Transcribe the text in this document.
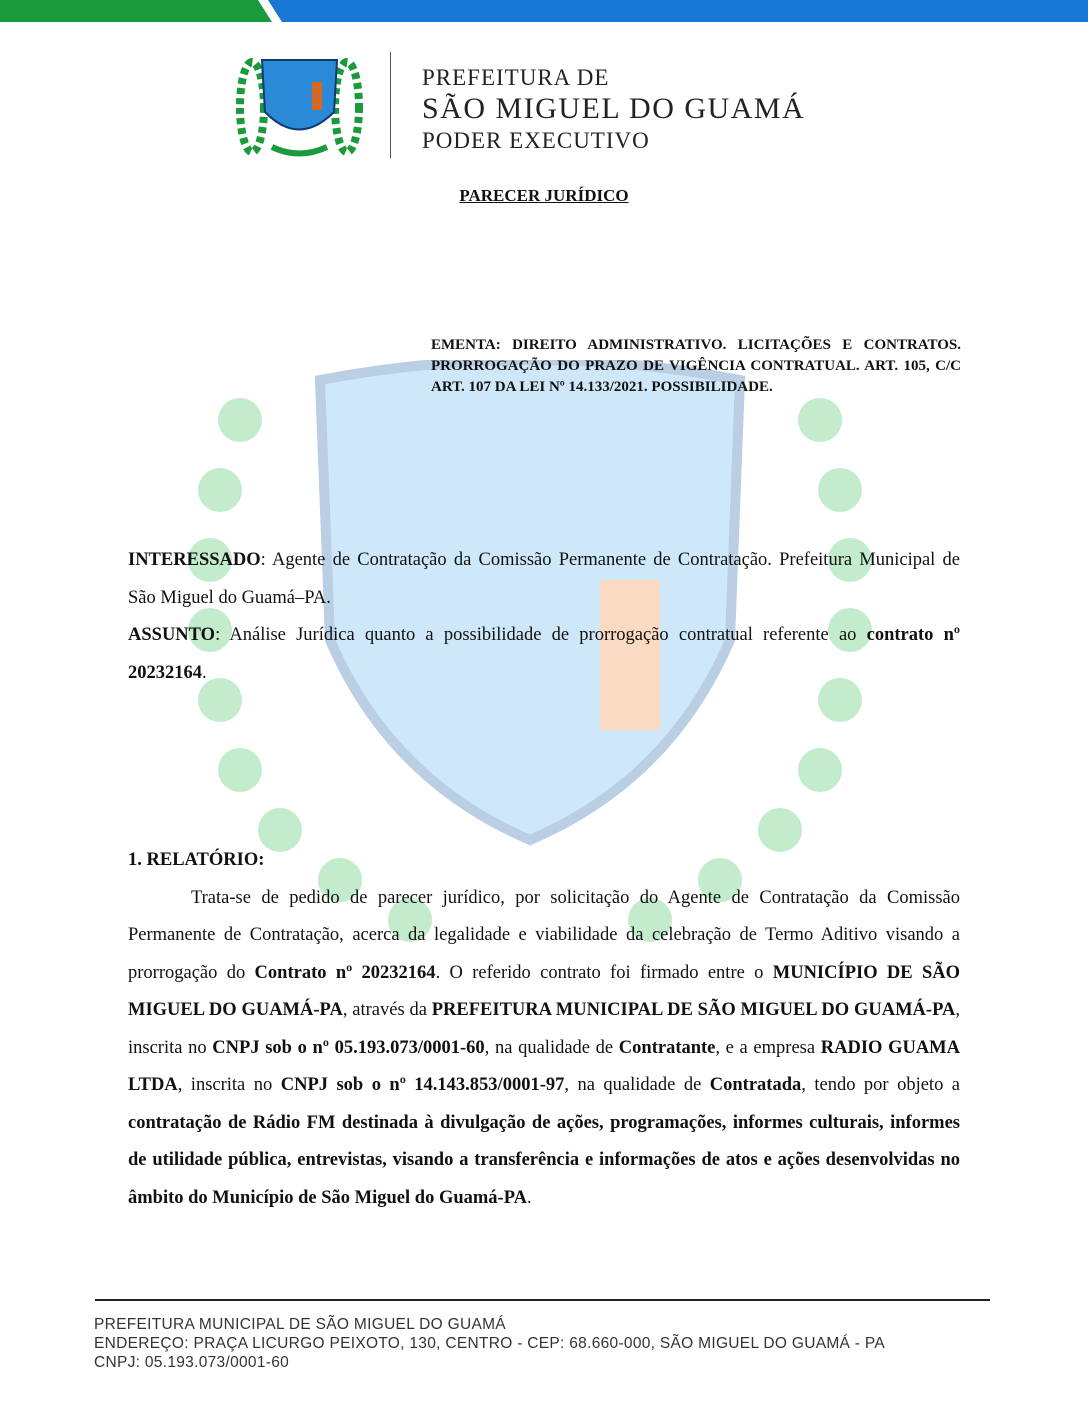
PREFEITURA DE
SÃO MIGUEL DO GUAMÁ
PODER EXECUTIVO
PARECER JURÍDICO
EMENTA: DIREITO ADMINISTRATIVO. LICITAÇÕES E CONTRATOS. PRORROGAÇÃO DO PRAZO DE VIGÊNCIA CONTRATUAL. ART. 105, C/C ART. 107 DA LEI Nº 14.133/2021. POSSIBILIDADE.

INTERESSADO: Agente de Contratação da Comissão Permanente de Contratação. Prefeitura Municipal de São Miguel do Guamá–PA.

ASSUNTO: Análise Jurídica quanto a possibilidade de prorrogação contratual referente ao contrato nº 20232164.

1. RELATÓRIO:

Trata-se de pedido de parecer jurídico, por solicitação do Agente de Contratação da Comissão Permanente de Contratação, acerca da legalidade e viabilidade da celebração de Termo Aditivo visando a prorrogação do Contrato nº 20232164. O referido contrato foi firmado entre o MUNICÍPIO DE SÃO MIGUEL DO GUAMÁ-PA, através da PREFEITURA MUNICIPAL DE SÃO MIGUEL DO GUAMÁ-PA, inscrita no CNPJ sob o nº 05.193.073/0001-60, na qualidade de Contratante, e a empresa RADIO GUAMA LTDA, inscrita no CNPJ sob o nº 14.143.853/0001-97, na qualidade de Contratada, tendo por objeto a contratação de Rádio FM destinada à divulgação de ações, programações, informes culturais, informes de utilidade pública, entrevistas, visando a transferência e informações de atos e ações desenvolvidas no âmbito do Município de São Miguel do Guamá-PA.

PREFEITURA MUNICIPAL DE SÃO MIGUEL DO GUAMÁ
ENDEREÇO: PRAÇA LICURGO PEIXOTO, 130, CENTRO - CEP: 68.660-000, SÃO MIGUEL DO GUAMÁ - PA
CNPJ: 05.193.073/0001-60
